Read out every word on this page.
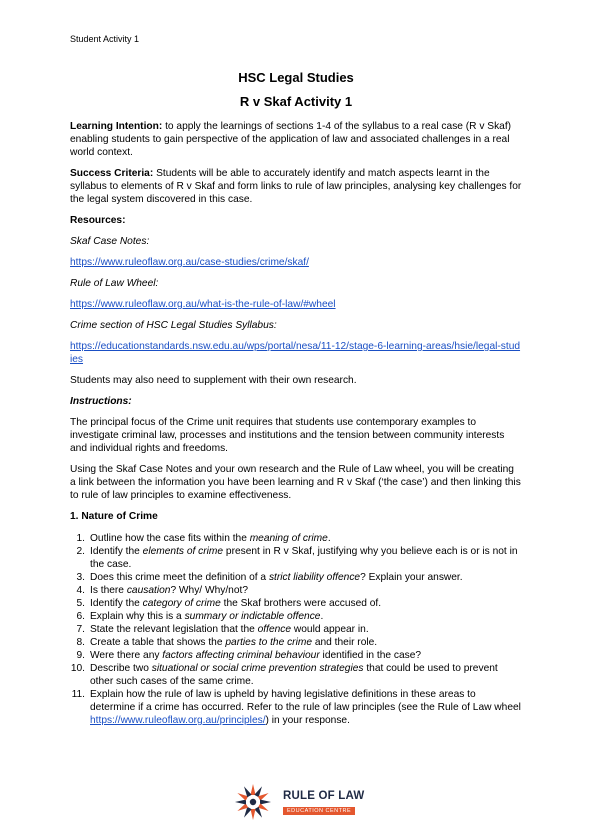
Student Activity 1
HSC Legal Studies
R v Skaf Activity 1

Learning Intention: to apply the learnings of sections 1-4 of the syllabus to a real case (R v Skaf) enabling students to gain perspective of the application of law and associated challenges in a real world context.

Success Criteria: Students will be able to accurately identify and match aspects learnt in the syllabus to elements of R v Skaf and form links to rule of law principles, analysing key challenges for the legal system discovered in this case.

Resources:

Skaf Case Notes:

https://www.ruleoflaw.org.au/case-studies/crime/skaf/

Rule of Law Wheel:

https://www.ruleoflaw.org.au/what-is-the-rule-of-law/#wheel

Crime section of HSC Legal Studies Syllabus:

https://educationstandards.nsw.edu.au/wps/portal/nesa/11-12/stage-6-learning-areas/hsie/legal-studies

Students may also need to supplement with their own research.

Instructions:

The principal focus of the Crime unit requires that students use contemporary examples to investigate criminal law, processes and institutions and the tension between community interests and individual rights and freedoms.

Using the Skaf Case Notes and your own research and the Rule of Law wheel, you will be creating a link between the information you have been learning and R v Skaf (‘the case’) and then linking this to rule of law principles to examine effectiveness.

1. Nature of Crime

1. Outline how the case fits within the meaning of crime.
2. Identify the elements of crime present in R v Skaf, justifying why you believe each is or is not in the case.
3. Does this crime meet the definition of a strict liability offence? Explain your answer.
4. Is there causation? Why/ Why/not?
5. Identify the category of crime the Skaf brothers were accused of.
6. Explain why this is a summary or indictable offence.
7. State the relevant legislation that the offence would appear in.
8. Create a table that shows the parties to the crime and their role.
9. Were there any factors affecting criminal behaviour identified in the case?
10. Describe two situational or social crime prevention strategies that could be used to prevent other such cases of the same crime.
11. Explain how the rule of law is upheld by having legislative definitions in these areas to determine if a crime has occurred. Refer to the rule of law principles (see the Rule of Law wheel https://www.ruleoflaw.org.au/principles/) in your response.
RULE OF LAW
EDUCATION CENTRE
